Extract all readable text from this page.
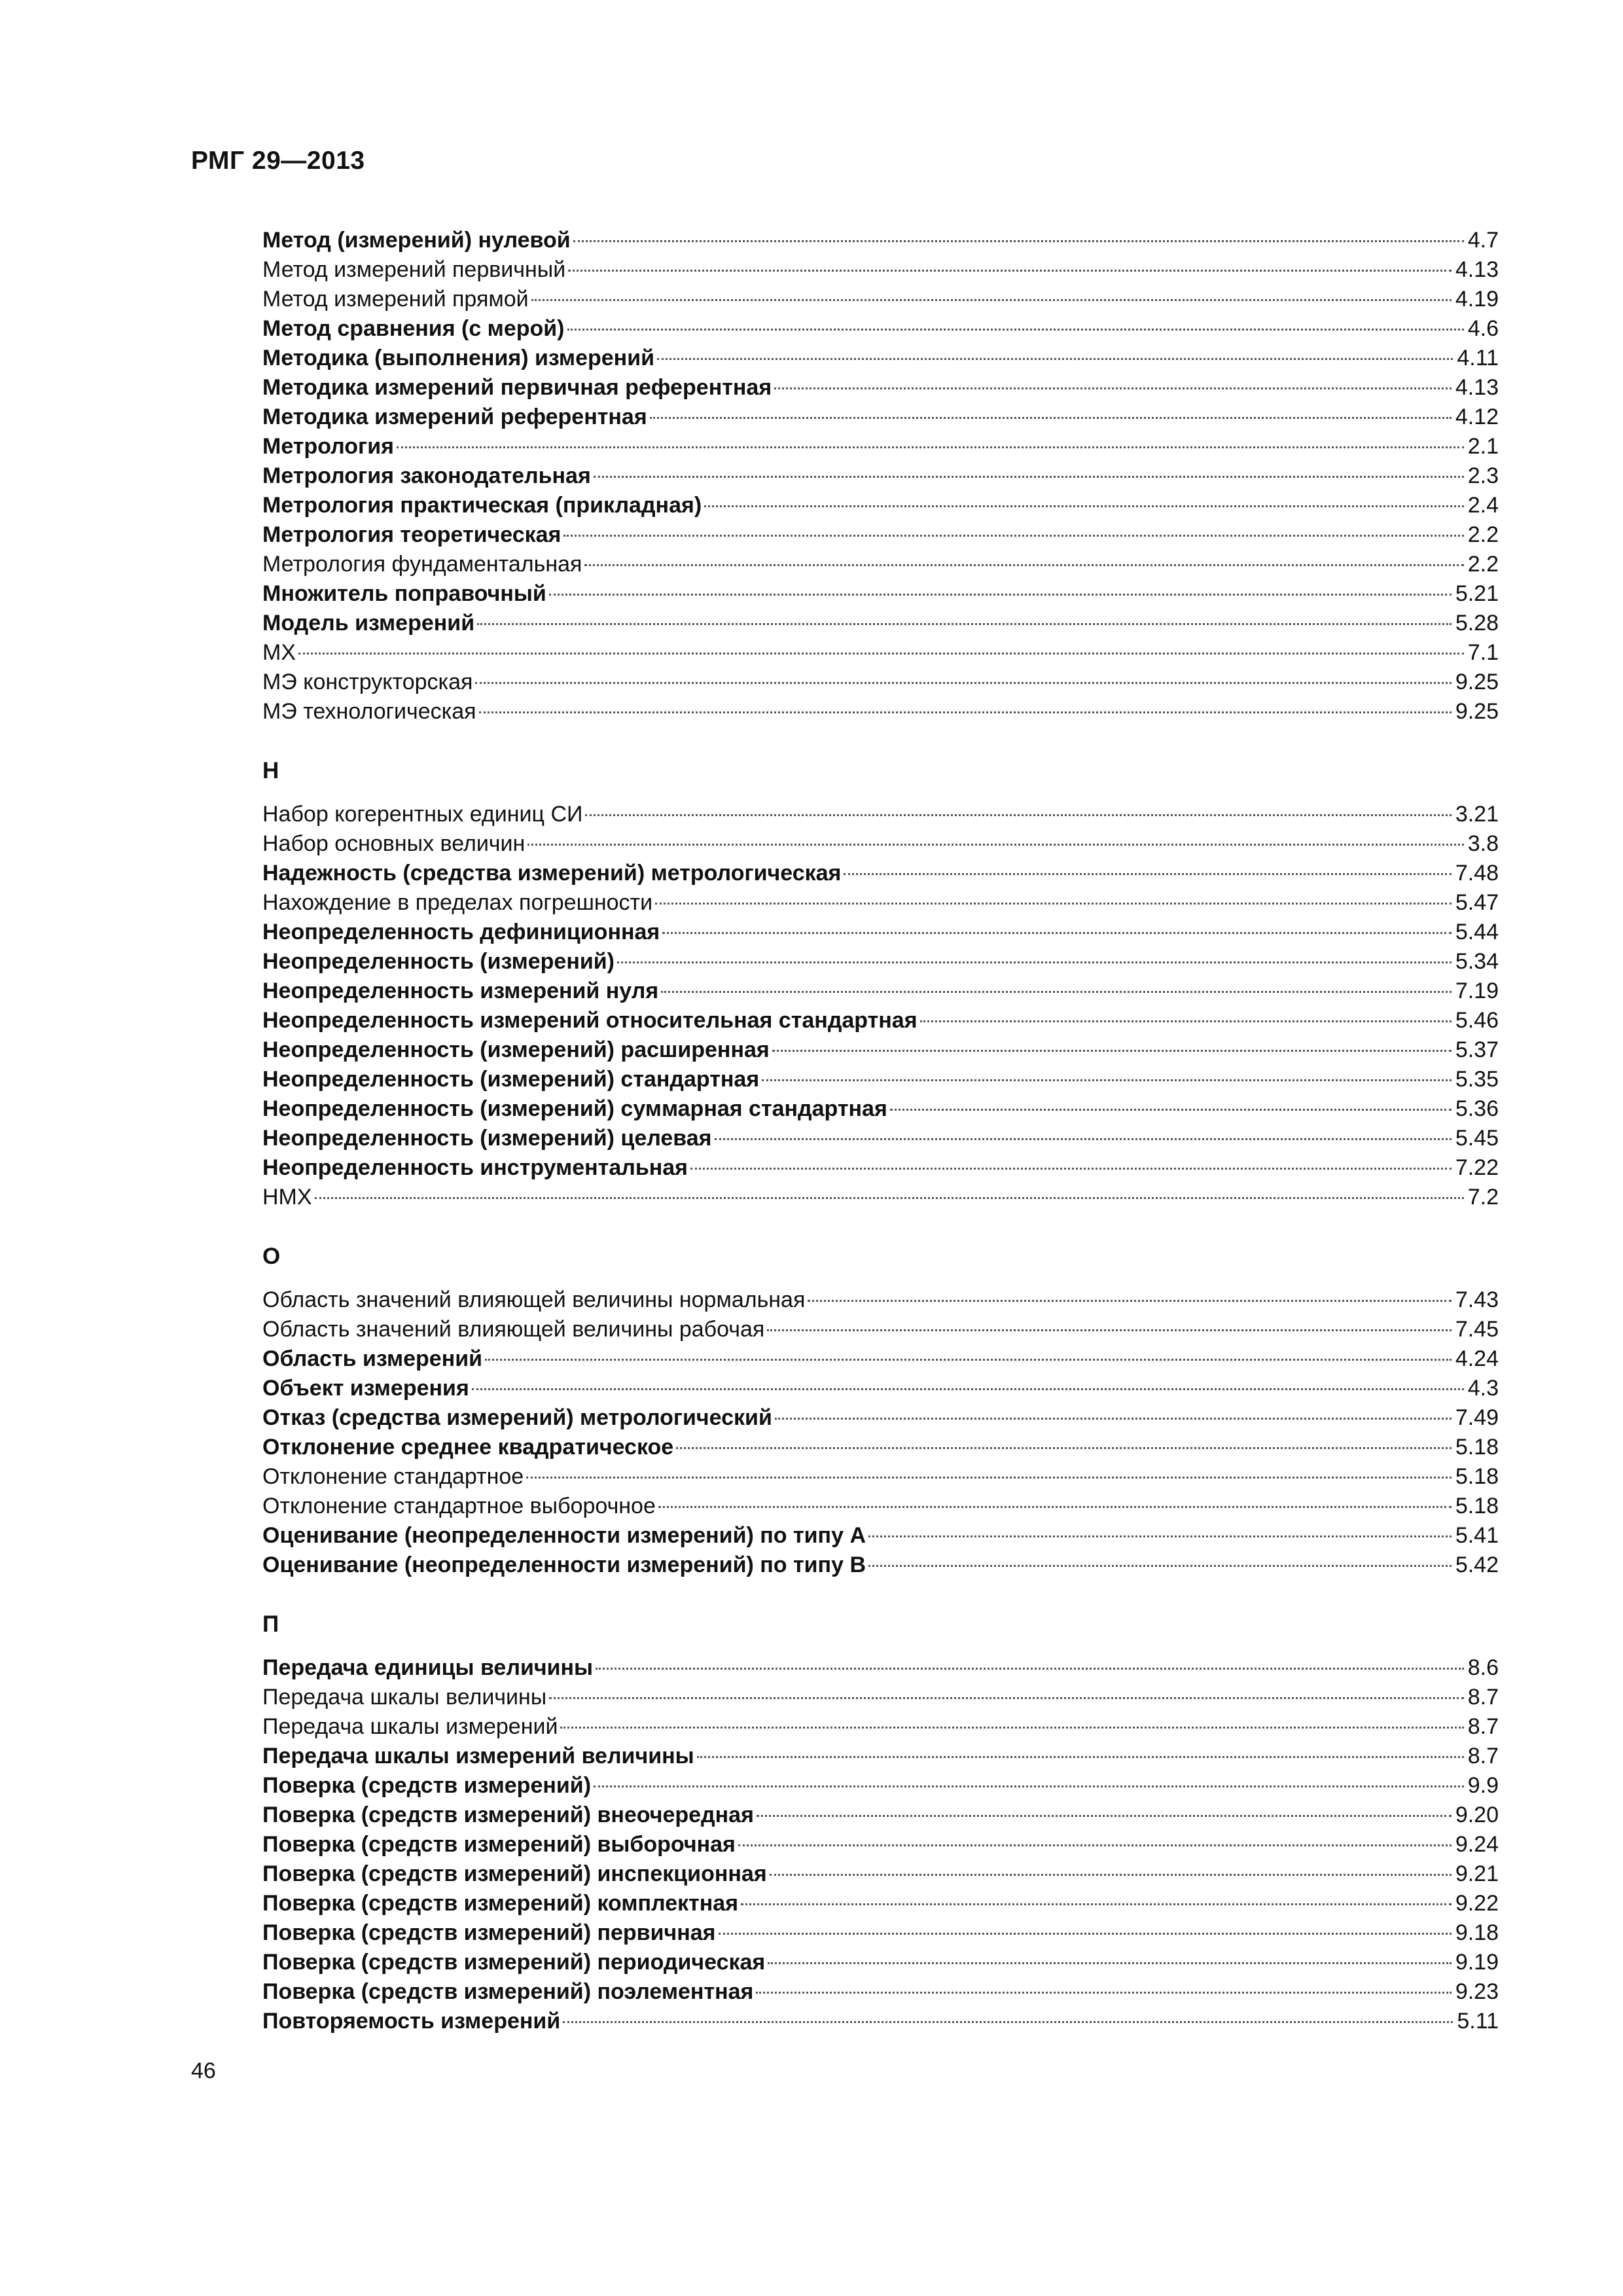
РМГ 29—2013
Метод (измерений) нулевой	4.7
Метод измерений первичный	4.13
Метод измерений прямой	4.19
Метод сравнения (с мерой)	4.6
Методика (выполнения) измерений	4.11
Методика измерений первичная референтная	4.13
Методика измерений референтная	4.12
Метрология	2.1
Метрология законодательная	2.3
Метрология практическая (прикладная)	2.4
Метрология теоретическая	2.2
Метрология фундаментальная	2.2
Множитель поправочный	5.21
Модель измерений	5.28
МХ	7.1
МЭ конструкторская	9.25
МЭ технологическая	9.25
Н
Набор когерентных единиц СИ	3.21
Набор основных величин	3.8
Надежность (средства измерений) метрологическая	7.48
Нахождение в пределах погрешности	5.47
Неопределенность дефиниционная	5.44
Неопределенность (измерений)	5.34
Неопределенность измерений нуля	7.19
Неопределенность измерений относительная стандартная	5.46
Неопределенность (измерений) расширенная	5.37
Неопределенность (измерений) стандартная	5.35
Неопределенность (измерений) суммарная стандартная	5.36
Неопределенность (измерений) целевая	5.45
Неопределенность инструментальная	7.22
НМХ	7.2
О
Область значений влияющей величины нормальная	7.43
Область значений влияющей величины рабочая	7.45
Область измерений	4.24
Объект измерения	4.3
Отказ (средства измерений) метрологический	7.49
Отклонение среднее квадратическое	5.18
Отклонение стандартное	5.18
Отклонение стандартное выборочное	5.18
Оценивание (неопределенности измерений) по типу А	5.41
Оценивание (неопределенности измерений) по типу В	5.42
П
Передача единицы величины	8.6
Передача шкалы величины	8.7
Передача шкалы измерений	8.7
Передача шкалы измерений величины	8.7
Поверка (средств измерений)	9.9
Поверка (средств измерений) внеочередная	9.20
Поверка (средств измерений) выборочная	9.24
Поверка (средств измерений) инспекционная	9.21
Поверка (средств измерений) комплектная	9.22
Поверка (средств измерений) первичная	9.18
Поверка (средств измерений) периодическая	9.19
Поверка (средств измерений) поэлементная	9.23
Повторяемость измерений	5.11
46
